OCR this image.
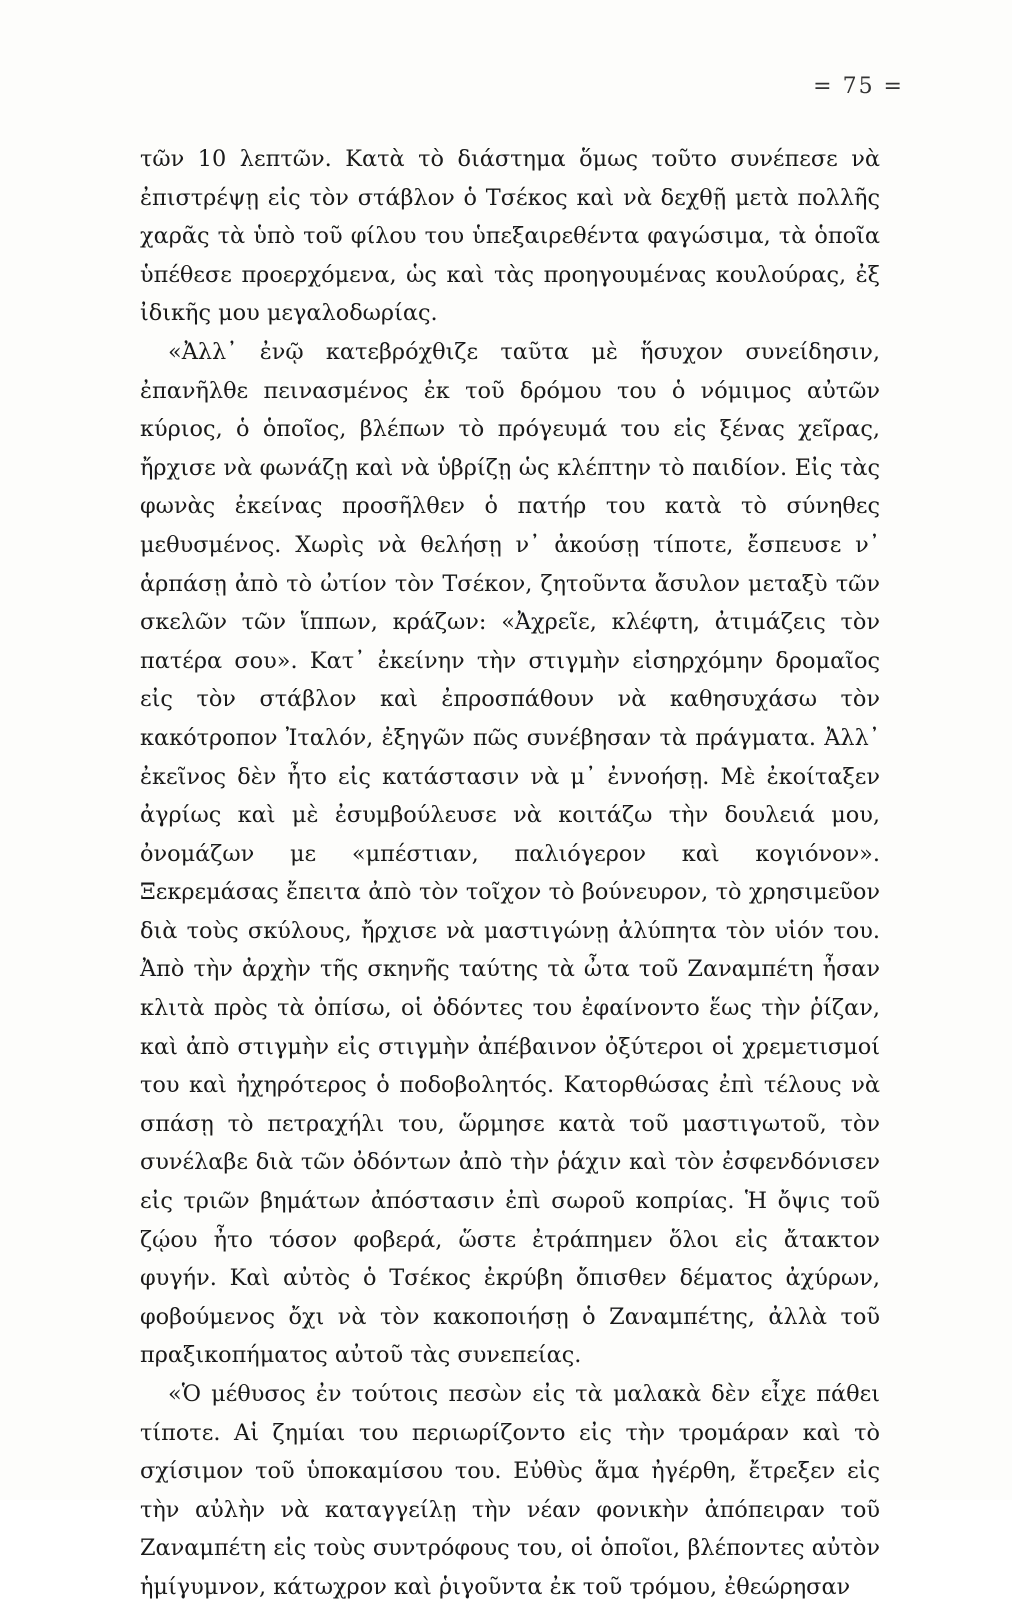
= 75 =

τῶν 10 λεπτῶν. Κατὰ τὸ διάστημα ὅμως τοῦτο συνέπεσε νὰ ἐπιστρέψῃ εἰς τὸν στάβλον ὁ Τσέκος καὶ νὰ δεχθῇ μετὰ πολλῆς χαρᾶς τὰ ὑπὸ τοῦ φίλου του ὑπεξαιρεθέντα φαγώσιμα, τὰ ὁποῖα ὑπέθεσε προερχόμενα, ὡς καὶ τὰς προηγουμένας κουλούρας, ἐξ ἰδικῆς μου μεγαλοδωρίας.

«Ἀλλ᾽ ἐνῷ κατεβρόχθιζε ταῦτα μὲ ἥσυχον συνείδησιν, ἐπανῆλθε πεινασμένος ἐκ τοῦ δρόμου του ὁ νόμιμος αὐτῶν κύριος, ὁ ὁποῖος, βλέπων τὸ πρόγευμά του εἰς ξένας χεῖρας, ἤρχισε νὰ φωνάζῃ καὶ νὰ ὑβρίζῃ ὡς κλέπτην τὸ παιδίον. Εἰς τὰς φωνὰς ἐκείνας προσῆλθεν ὁ πατήρ του κατὰ τὸ σύνηθες μεθυσμένος. Χωρὶς νὰ θελήσῃ ν᾽ ἀκούσῃ τίποτε, ἔσπευσε ν᾽ ἁρπάσῃ ἀπὸ τὸ ὠτίον τὸν Τσέκον, ζητοῦντα ἄσυλον μεταξὺ τῶν σκελῶν τῶν ἵππων, κράζων: «Ἀχρεῖε, κλέφτη, ἀτιμάζεις τὸν πατέρα σου». Κατ᾽ ἐκείνην τὴν στιγμὴν εἰσηρχόμην δρομαῖος εἰς τὸν στάβλον καὶ ἐπροσπάθουν νὰ καθησυχάσω τὸν κακότροπον Ἰταλόν, ἐξηγῶν πῶς συνέβησαν τὰ πράγματα. Ἀλλ᾽ ἐκεῖνος δὲν ἦτο εἰς κατάστασιν νὰ μ᾽ ἐννοήσῃ. Μὲ ἐκοίταξεν ἀγρίως καὶ μὲ ἐσυμβούλευσε νὰ κοιτάζω τὴν δουλειά μου, ὀνομάζων με «μπέστιαν, παλιόγερον καὶ κογιόνον». Ξεκρεμάσας ἔπειτα ἀπὸ τὸν τοῖχον τὸ βούνευρον, τὸ χρησιμεῦον διὰ τοὺς σκύλους, ἤρχισε νὰ μαστιγώνῃ ἀλύπητα τὸν υἱόν του. Ἀπὸ τὴν ἀρχὴν τῆς σκηνῆς ταύτης τὰ ὦτα τοῦ Ζαναμπέτη ἦσαν κλιτὰ πρὸς τὰ ὀπίσω, οἱ ὀδόντες του ἐφαίνοντο ἕως τὴν ῥίζαν, καὶ ἀπὸ στιγμὴν εἰς στιγμὴν ἀπέβαινον ὀξύτεροι οἱ χρεμετισμοί του καὶ ἠχηρότερος ὁ ποδοβολητός. Κατορθώσας ἐπὶ τέλους νὰ σπάσῃ τὸ πετραχήλι του, ὥρμησε κατὰ τοῦ μαστιγωτοῦ, τὸν συνέλαβε διὰ τῶν ὀδόντων ἀπὸ τὴν ῥάχιν καὶ τὸν ἐσφενδόνισεν εἰς τριῶν βημάτων ἀπόστασιν ἐπὶ σωροῦ κοπρίας. Ἡ ὄψις τοῦ ζῴου ἦτο τόσον φοβερά, ὥστε ἐτράπημεν ὅλοι εἰς ἄτακτον φυγήν. Καὶ αὐτὸς ὁ Τσέκος ἐκρύβη ὄπισθεν δέματος ἀχύρων, φοβούμενος ὄχι νὰ τὸν κακοποιήσῃ ὁ Ζαναμπέτης, ἀλλὰ τοῦ πραξικοπήματος αὐτοῦ τὰς συνεπείας.

«Ὁ μέθυσος ἐν τούτοις πεσὼν εἰς τὰ μαλακὰ δὲν εἶχε πάθει τίποτε. Αἱ ζημίαι του περιωρίζοντο εἰς τὴν τρομάραν καὶ τὸ σχίσιμον τοῦ ὑποκαμίσου του. Εὐθὺς ἅμα ἠγέρθη, ἔτρεξεν εἰς τὴν αὐλὴν νὰ καταγγείλῃ τὴν νέαν φονικὴν ἀπόπειραν τοῦ Ζαναμπέτη εἰς τοὺς συντρόφους του, οἱ ὁποῖοι, βλέποντες αὐτὸν ἡμίγυμνον, κάτωχρον καὶ ῥιγοῦντα ἐκ τοῦ τρόμου, ἐθεώρησαν
